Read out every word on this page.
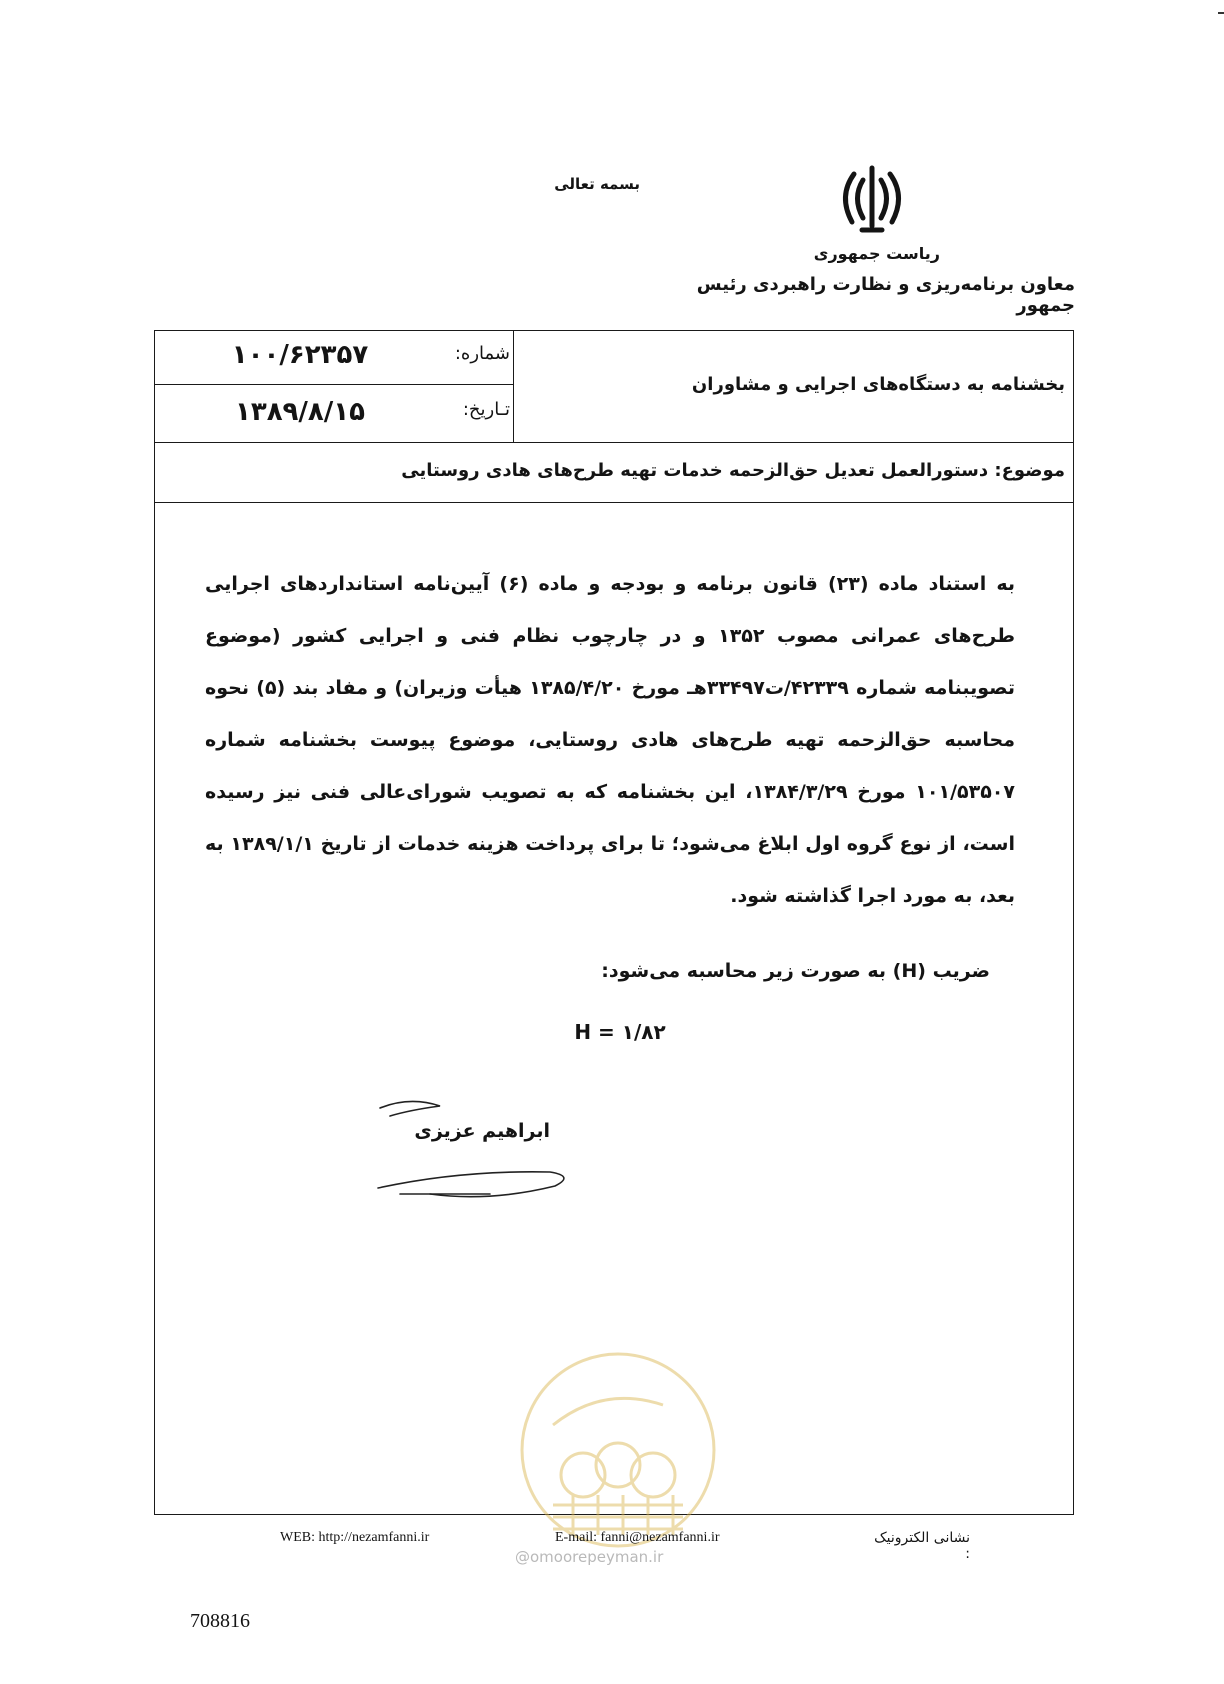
بسمه تعالی
ریاست جمهوری
معاون برنامه‌ریزی و نظارت راهبردی رئیس جمهور
شماره:
۱۰۰/۶۲۳۵۷
تـاریخ:
۱۳۸۹/۸/۱۵
بخشنامه به دستگاه‌های اجرایی و مشاوران
موضوع: دستورالعمل تعدیل حق‌الزحمه خدمات تهیه طرح‌های هادی روستایی
به استناد ماده (۲۳) قانون برنامه و بودجه و ماده (۶) آیین‌نامه استانداردهای اجرایی طرح‌های عمرانی مصوب ۱۳۵۲ و در چارچوب نظام فنی و اجرایی کشور (موضوع تصویبنامه شماره ۴۲۳۳۹/ت۳۳۴۹۷هـ مورخ ۱۳۸۵/۴/۲۰ هیأت وزیران) و مفاد بند (۵) نحوه محاسبه حق‌الزحمه تهیه طرح‌های هادی روستایی، موضوع پیوست بخشنامه شماره ۱۰۱/۵۳۵۰۷ مورخ ۱۳۸۴/۳/۲۹، این بخشنامه که به تصویب شورای‌عالی فنی نیز رسیده است، از نوع گروه اول ابلاغ می‌شود؛ تا برای پرداخت هزینه خدمات از تاریخ ۱۳۸۹/۱/۱ به بعد، به مورد اجرا گذاشته شود.
ضریب (H) به صورت زیر محاسبه می‌شود:
H = ۱/۸۲
ابراهیم عزیزی
نشانی الکترونیک :
E-mail: fanni@nezamfanni.ir
WEB: http://nezamfanni.ir
@omoorepeyman.ir
708816
